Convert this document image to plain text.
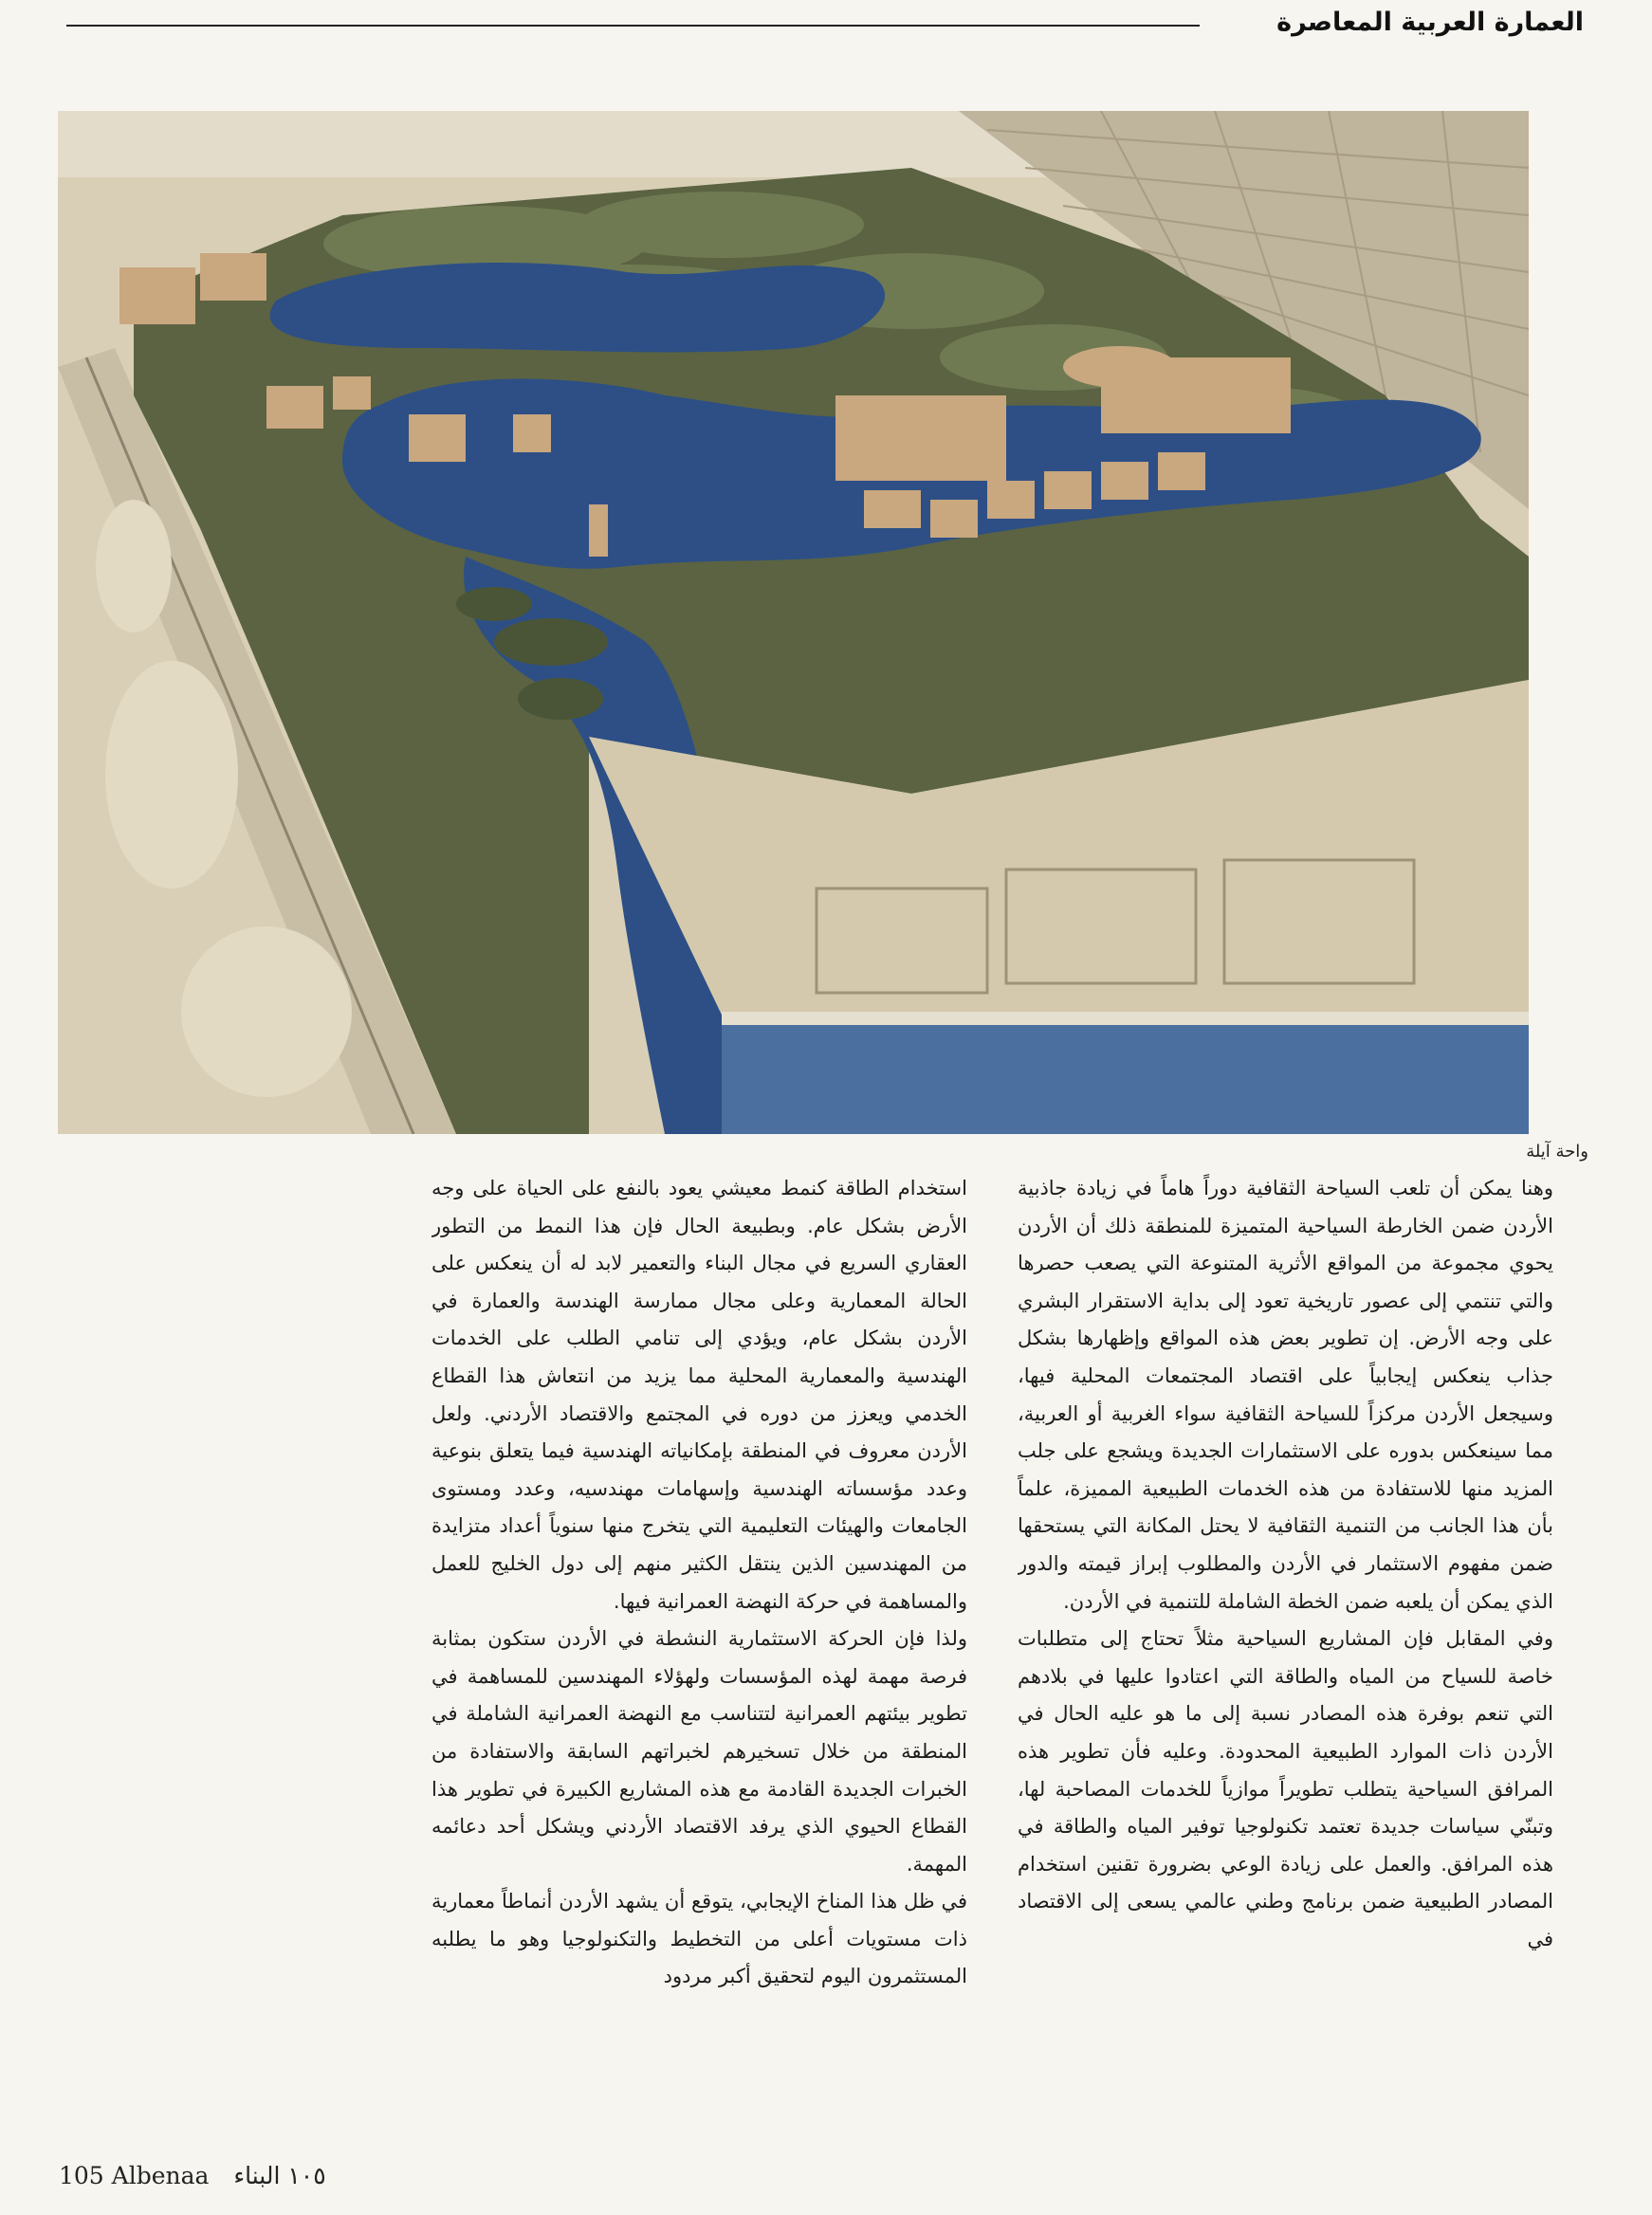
العمارة العربية المعاصرة
واحة آيلة

وهنا يمكن أن تلعب السياحة الثقافية دوراً هاماً في زيادة جاذبية الأردن ضمن الخارطة السياحية المتميزة للمنطقة ذلك أن الأردن يحوي مجموعة من المواقع الأثرية المتنوعة التي يصعب حصرها والتي تنتمي إلى عصور تاريخية تعود إلى بداية الاستقرار البشري على وجه الأرض. إن تطوير بعض هذه المواقع وإظهارها بشكل جذاب ينعكس إيجابياً على اقتصاد المجتمعات المحلية فيها، وسيجعل الأردن مركزاً للسياحة الثقافية سواء الغربية أو العربية، مما سينعكس بدوره على الاستثمارات الجديدة ويشجع على جلب المزيد منها للاستفادة من هذه الخدمات الطبيعية المميزة، علماً بأن هذا الجانب من التنمية الثقافية لا يحتل المكانة التي يستحقها ضمن مفهوم الاستثمار في الأردن والمطلوب إبراز قيمته والدور الذي يمكن أن يلعبه ضمن الخطة الشاملة للتنمية في الأردن.

وفي المقابل فإن المشاريع السياحية مثلاً تحتاج إلى متطلبات خاصة للسياح من المياه والطاقة التي اعتادوا عليها في بلادهم التي تنعم بوفرة هذه المصادر نسبة إلى ما هو عليه الحال في الأردن ذات الموارد الطبيعية المحدودة. وعليه فأن تطوير هذه المرافق السياحية يتطلب تطويراً موازياً للخدمات المصاحبة لها، وتبنّي سياسات جديدة تعتمد تكنولوجيا توفير المياه والطاقة في هذه المرافق. والعمل على زيادة الوعي بضرورة تقنين استخدام المصادر الطبيعية ضمن برنامج وطني عالمي يسعى إلى الاقتصاد في

استخدام الطاقة كنمط معيشي يعود بالنفع على الحياة على وجه الأرض بشكل عام. وبطبيعة الحال فإن هذا النمط من التطور العقاري السريع في مجال البناء والتعمير لابد له أن ينعكس على الحالة المعمارية وعلى مجال ممارسة الهندسة والعمارة في الأردن بشكل عام، ويؤدي إلى تنامي الطلب على الخدمات الهندسية والمعمارية المحلية مما يزيد من انتعاش هذا القطاع الخدمي ويعزز من دوره في المجتمع والاقتصاد الأردني. ولعل الأردن معروف في المنطقة بإمكانياته الهندسية فيما يتعلق بنوعية وعدد مؤسساته الهندسية وإسهامات مهندسيه، وعدد ومستوى الجامعات والهيئات التعليمية التي يتخرج منها سنوياً أعداد متزايدة من المهندسين الذين ينتقل الكثير منهم إلى دول الخليج للعمل والمساهمة في حركة النهضة العمرانية فيها.

ولذا فإن الحركة الاستثمارية النشطة في الأردن ستكون بمثابة فرصة مهمة لهذه المؤسسات ولهؤلاء المهندسين للمساهمة في تطوير بيئتهم العمرانية لتتناسب مع النهضة العمرانية الشاملة في المنطقة من خلال تسخيرهم لخبراتهم السابقة والاستفادة من الخبرات الجديدة القادمة مع هذه المشاريع الكبيرة في تطوير هذا القطاع الحيوي الذي يرفد الاقتصاد الأردني ويشكل أحد دعائمه المهمة.

في ظل هذا المناخ الإيجابي، يتوقع أن يشهد الأردن أنماطاً معمارية ذات مستويات أعلى من التخطيط والتكنولوجيا وهو ما يطلبه المستثمرون اليوم لتحقيق أكبر مردود

105 Albenaa ١٠٥ البناء
